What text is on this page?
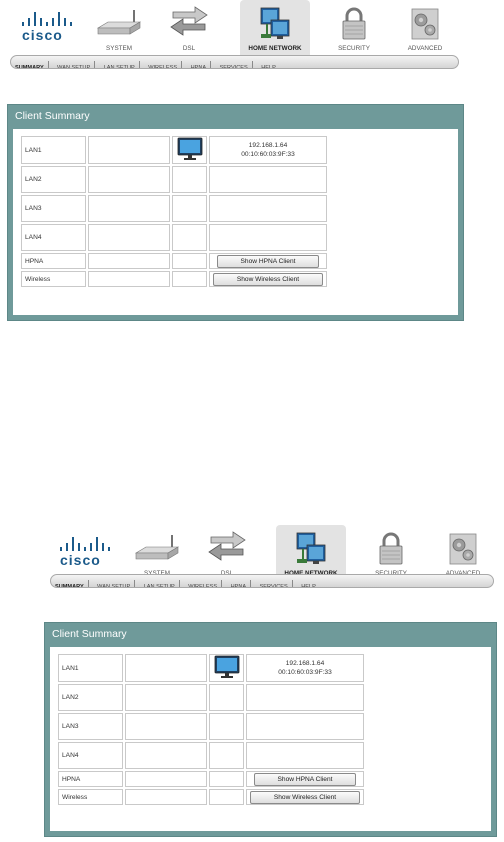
cisco
SYSTEM	DSL	HOME NETWORK	SECURITY	ADVANCED
SUMMARY WAN SETUP LAN SETUP WIRELESS HPNA SERVICES HELP
Client Summary
LAN1			192.168.1.64
00:10:60:03:9F:33

LAN2			
LAN3			
LAN4			
HPNA			Show HPNA Client
Wireless			Show Wireless Client
cisco
SUMMARY WAN SETUP LAN SETUP WIRELESS HPNA SERVICES HELP
Client Summary
LAN1			192.168.1.64
00:10:60:03:9F:33

LAN2			
LAN3			
LAN4			
HPNA			Show HPNA Client
Wireless			Show Wireless Client
